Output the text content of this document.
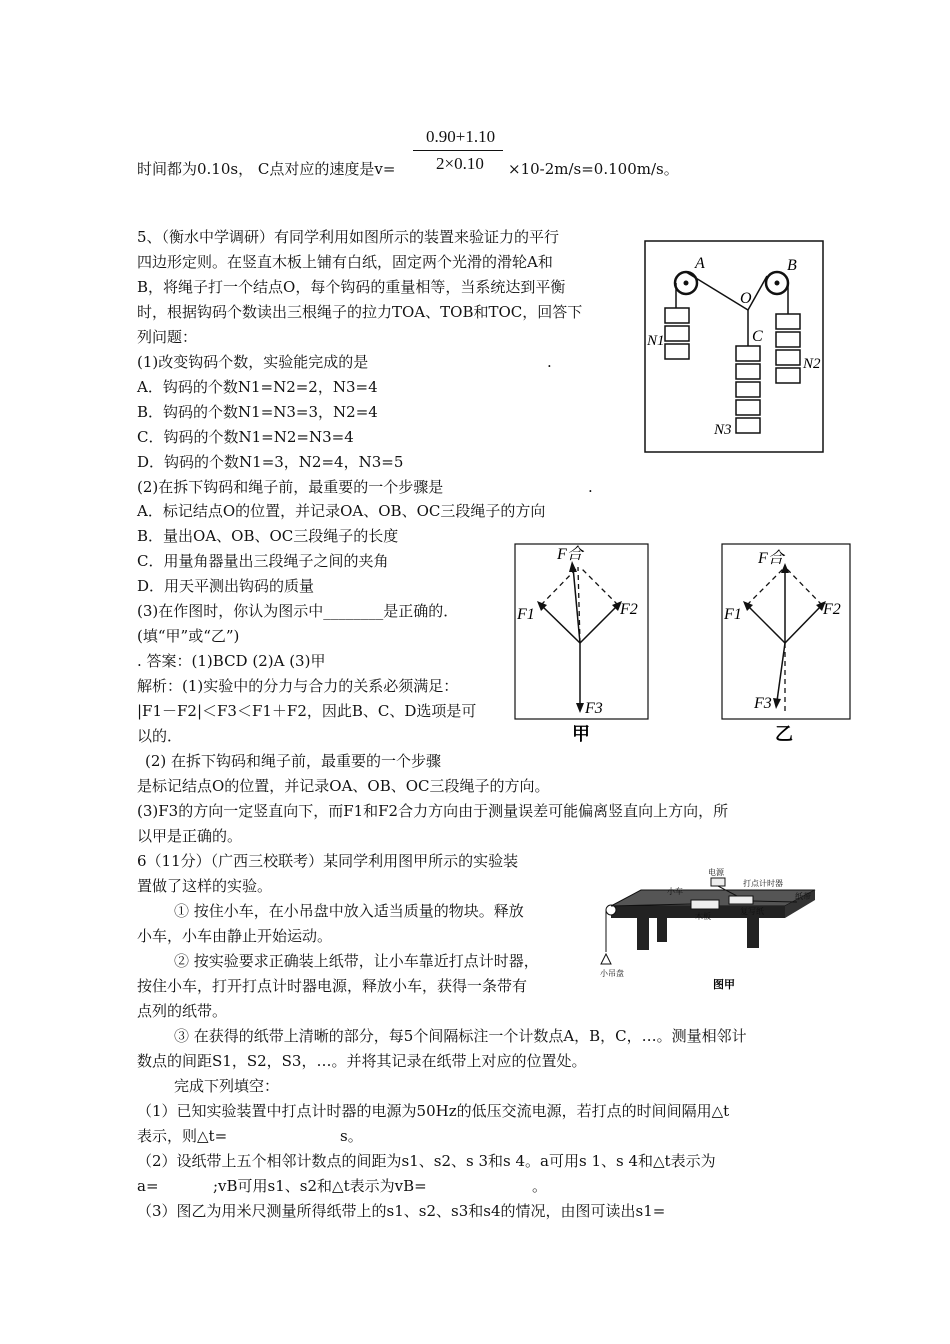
0.90+1.10
2×0.10
时间都为0.10s， C点对应的速度是v=	×10-2m/s=0.100m/s。
5、（衡水中学调研）有同学利用如图所示的装置来验证力的平行
四边形定则。在竖直木板上铺有白纸，固定两个光滑的滑轮A和
B，将绳子打一个结点O，每个钩码的重量相等，当系统达到平衡
时，根据钩码个数读出三根绳子的拉力TOA、TOB和TOC，回答下
列问题：
(1)改变钩码个数，实验能完成的是	.
A．钩码的个数N1=N2=2，N3=4
B．钩码的个数N1=N3=3，N2=4
C．钩码的个数N1=N2=N3=4
D．钩码的个数N1=3，N2=4，N3=5
(2)在拆下钩码和绳子前，最重要的一个步骤是	.
A．标记结点O的位置，并记录OA、OB、OC三段绳子的方向
B．量出OA、OB、OC三段绳子的长度
C．用量角器量出三段绳子之间的夹角
D．用天平测出钩码的质量
(3)在作图时，你认为图示中________是正确的．
(填“甲”或“乙”)
. 答案：(1)BCD (2)A (3)甲
解析：(1)实验中的分力与合力的关系必须满足：
|F1－F2|＜F3＜F1＋F2，因此B、C、D选项是可
以的．
(2) 在拆下钩码和绳子前，最重要的一个步骤
是标记结点O的位置，并记录OA、OB、OC三段绳子的方向。
(3)F3的方向一定竖直向下，而F1和F2合力方向由于测量误差可能偏离竖直向上方向，所
以甲是正确的。
6（11分）（广西三校联考）某同学利用图甲所示的实验装
置做了这样的实验。
① 按住小车，在小吊盘中放入适当质量的物块。释放
小车，小车由静止开始运动。
② 按实验要求正确装上纸带，让小车靠近打点计时器，
按住小车，打开打点计时器电源，释放小车，获得一条带有
点列的纸带。
③ 在获得的纸带上清晰的部分，每5个间隔标注一个计数点A，B，C，…。测量相邻计
数点的间距S1，S2，S3，…。并将其记录在纸带上对应的位置处。
完成下列填空：
（1）已知实验装置中打点计时器的电源为50Hz的低压交流电源，若打点的时间间隔用△t
表示，则△t=	s。
（2）设纸带上五个相邻计数点的间距为s1、s2、s 3和s 4。a可用s 1、s 4和△t表示为
a=	;vB可用s1、s2和△t表示为vB=	。
（3）图乙为用米尺测量所得纸带上的s1、s2、s3和s4的情况，由图可读出s1=
A	B
O
C
N1
N2
N3
F合
F1	F2
F3
甲
F合
F1	F2
F3
乙
电源
打点计时器
小车
纸带
木板
复写纸
小吊盘
图甲
